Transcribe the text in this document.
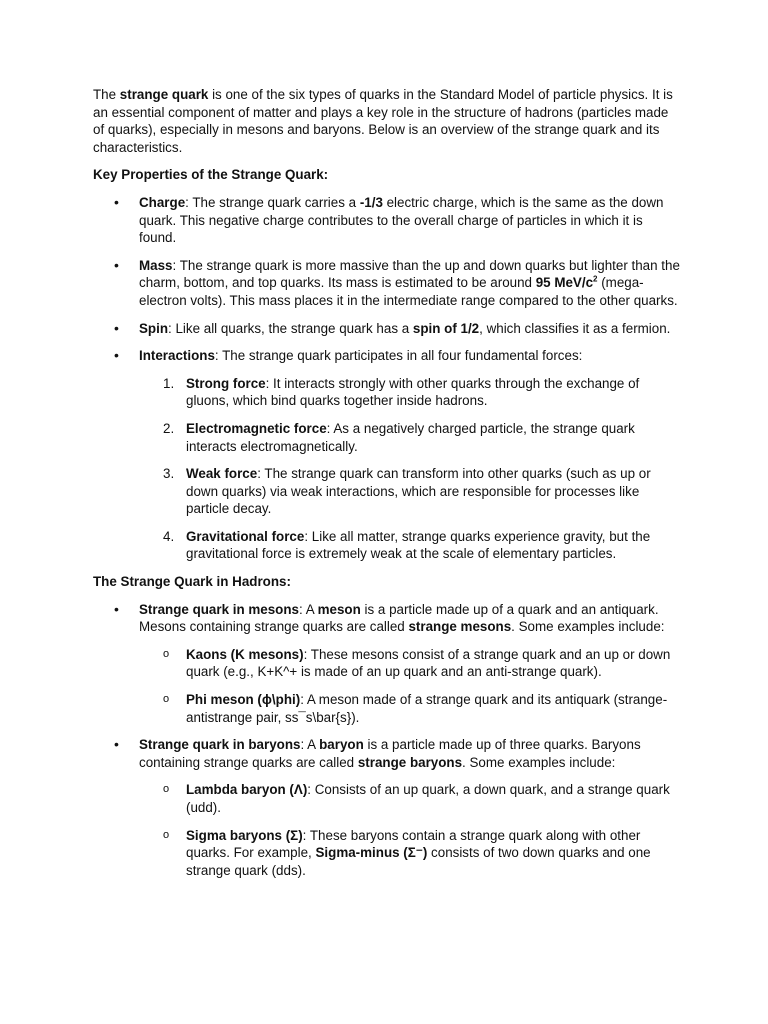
The strange quark is one of the six types of quarks in the Standard Model of particle physics. It is an essential component of matter and plays a key role in the structure of hadrons (particles made of quarks), especially in mesons and baryons. Below is an overview of the strange quark and its characteristics.

Key Properties of the Strange Quark:

• Charge: The strange quark carries a -1/3 electric charge, which is the same as the down quark. This negative charge contributes to the overall charge of particles in which it is found.
• Mass: The strange quark is more massive than the up and down quarks but lighter than the charm, bottom, and top quarks. Its mass is estimated to be around 95 MeV/$c^2$ (mega-electron volts). This mass places it in the intermediate range compared to the other quarks.
• Spin: Like all quarks, the strange quark has a spin of 1/2, which classifies it as a fermion.
• Interactions: The strange quark participates in all four fundamental forces:
1. Strong force: It interacts strongly with other quarks through the exchange of gluons, which bind quarks together inside hadrons.
2. Electromagnetic force: As a negatively charged particle, the strange quark interacts electromagnetically.
3. Weak force: The strange quark can transform into other quarks (such as up or down quarks) via weak interactions, which are responsible for processes like particle decay.
4. Gravitational force: Like all matter, strange quarks experience gravity, but the gravitational force is extremely weak at the scale of elementary particles.

The Strange Quark in Hadrons:

• Strange quark in mesons: A meson is a particle made up of a quark and an antiquark. Mesons containing strange quarks are called strange mesons. Some examples include:
o Kaons (K mesons): These mesons consist of a strange quark and an up or down quark (e.g., K+K^+ is made of an up quark and an anti-strange quark).
o Phi meson (ϕ\phi): A meson made of a strange quark and its antiquark (strange-antistrange pair, ss¯s\bar{s}).
• Strange quark in baryons: A baryon is a particle made up of three quarks. Baryons containing strange quarks are called strange baryons. Some examples include:
o Lambda baryon (Λ): Consists of an up quark, a down quark, and a strange quark (udd).
o Sigma baryons (Σ): These baryons contain a strange quark along with other quarks. For example, Sigma-minus (Σ⁻) consists of two down quarks and one strange quark (dds).
